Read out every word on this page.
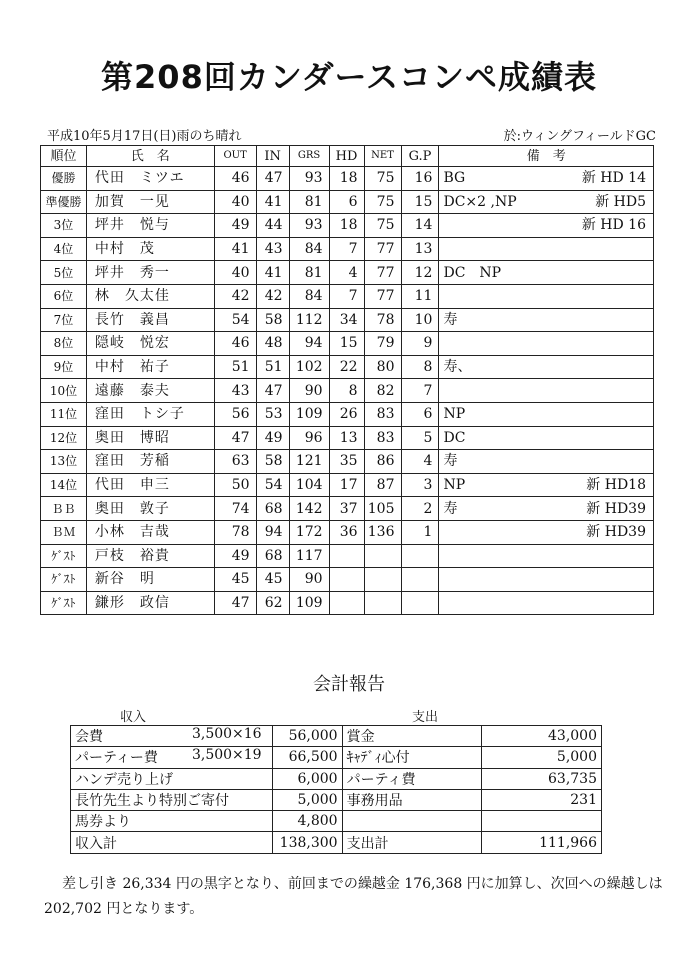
第208回カンダースコンペ成績表
平成10年5月17日(日)雨のち晴れ	於:ウィングフィールドGC
順位	氏　名	OUT	IN	GRS	HD	NET	G.P	備　考
優勝	代田　ミツエ	46	47	93	18	75	16	BG 新 HD 14

準優勝	加賀　一见	40	41	81	6	75	15	DC×2 ,NP 新 HD5

3位	坪井　悦与	49	44	93	18	75	14	新 HD 16

4位	中村　茂	41	43	84	7	77	13	

5位	坪井　秀一	40	41	81	4	77	12	DC　NP

6位	林　久太佳	42	42	84	7	77	11	

7位	長竹　義昌	54	58	112	34	78	10	寿

8位	隠岐　悦宏	46	48	94	15	79	9	

9位	中村　祐子	51	51	102	22	80	8	寿、

10位	遠藤　泰夫	43	47	90	8	82	7	

11位	窪田　トシ子	56	53	109	26	83	6	NP

12位	奥田　博昭	47	49	96	13	83	5	DC

13位	窪田　芳稲	63	58	121	35	86	4	寿

14位	代田　申三	50	54	104	17	87	3	NP 新 HD18

ＢＢ	奥田　敦子	74	68	142	37	105	2	寿 新 HD39

ＢＭ	小林　吉哉	78	94	172	36	136	1	新 HD39

ｹﾞｽﾄ	戸枝　裕貴	49	68	117				

ｹﾞｽﾄ	新谷　明	45	45	90				

ｹﾞｽﾄ	鎌形　政信	47	62	109				
会計報告
収入	支出
会費 3,500×16	56,000	賞金	43,000
パーティー費 3,500×19	66,500	ｷｬﾃﾞｨ心付	5,000
ハンデ売り上げ	6,000	パーティ費	63,735
長竹先生より特別ご寄付	5,000	事務用品	231
馬券より	4,800		
収入計	138,300	支出計	111,966
差し引き 26,334 円の黒字となり、前回までの繰越金 176,368 円に加算し、次回への繰越しは 202,702 円となります。
